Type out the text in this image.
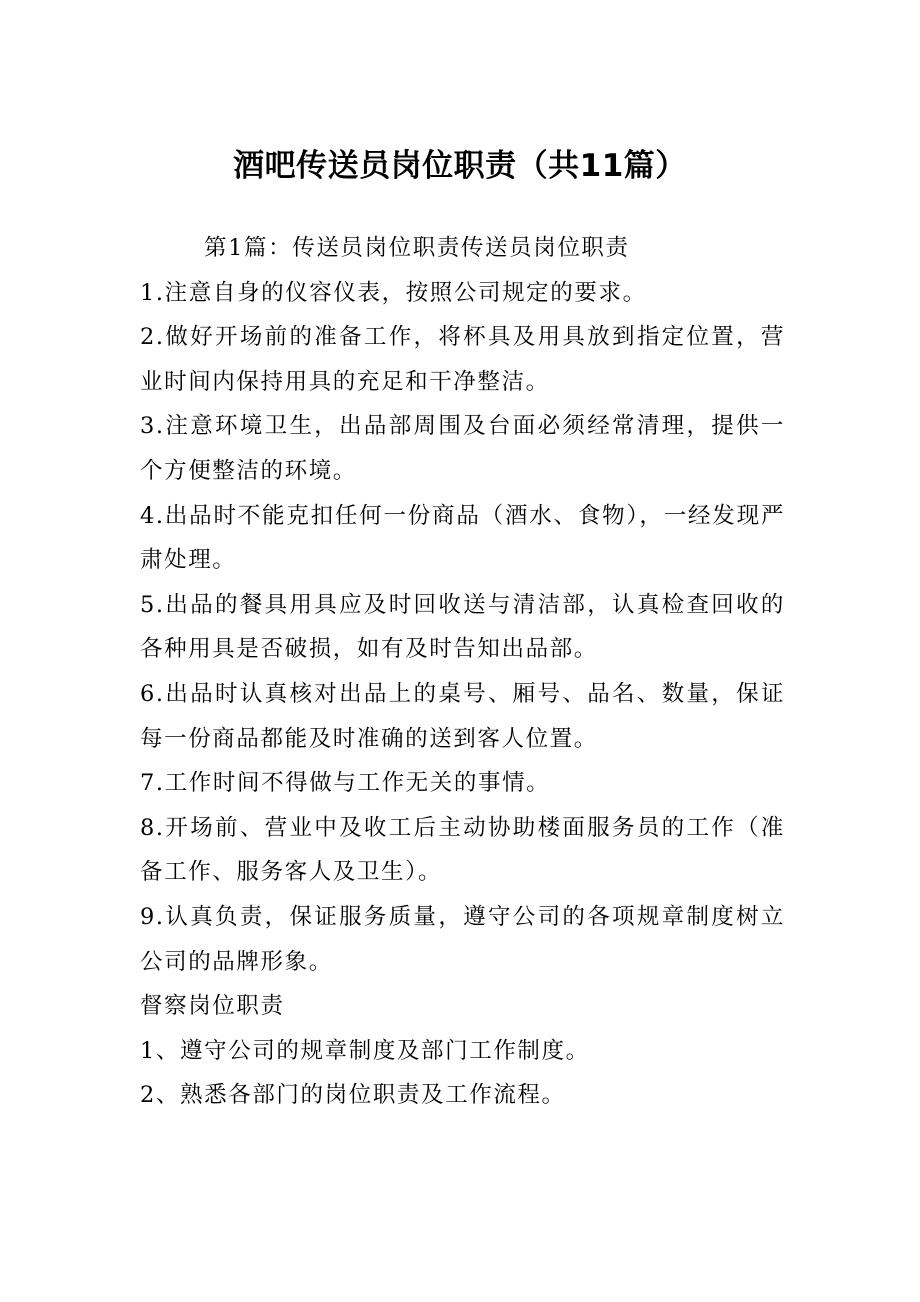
酒吧传送员岗位职责（共11篇）

第1篇：传送员岗位职责传送员岗位职责

1.注意自身的仪容仪表，按照公司规定的要求。

2.做好开场前的准备工作，将杯具及用具放到指定位置，营业时间内保持用具的充足和干净整洁。

3.注意环境卫生，出品部周围及台面必须经常清理，提供一个方便整洁的环境。

4.出品时不能克扣任何一份商品（酒水、食物），一经发现严肃处理。

5.出品的餐具用具应及时回收送与清洁部，认真检查回收的各种用具是否破损，如有及时告知出品部。

6.出品时认真核对出品上的桌号、厢号、品名、数量，保证每一份商品都能及时准确的送到客人位置。

7.工作时间不得做与工作无关的事情。

8.开场前、营业中及收工后主动协助楼面服务员的工作（准备工作、服务客人及卫生）。

9.认真负责，保证服务质量，遵守公司的各项规章制度树立公司的品牌形象。

督察岗位职责

1、遵守公司的规章制度及部门工作制度。

2、熟悉各部门的岗位职责及工作流程。
